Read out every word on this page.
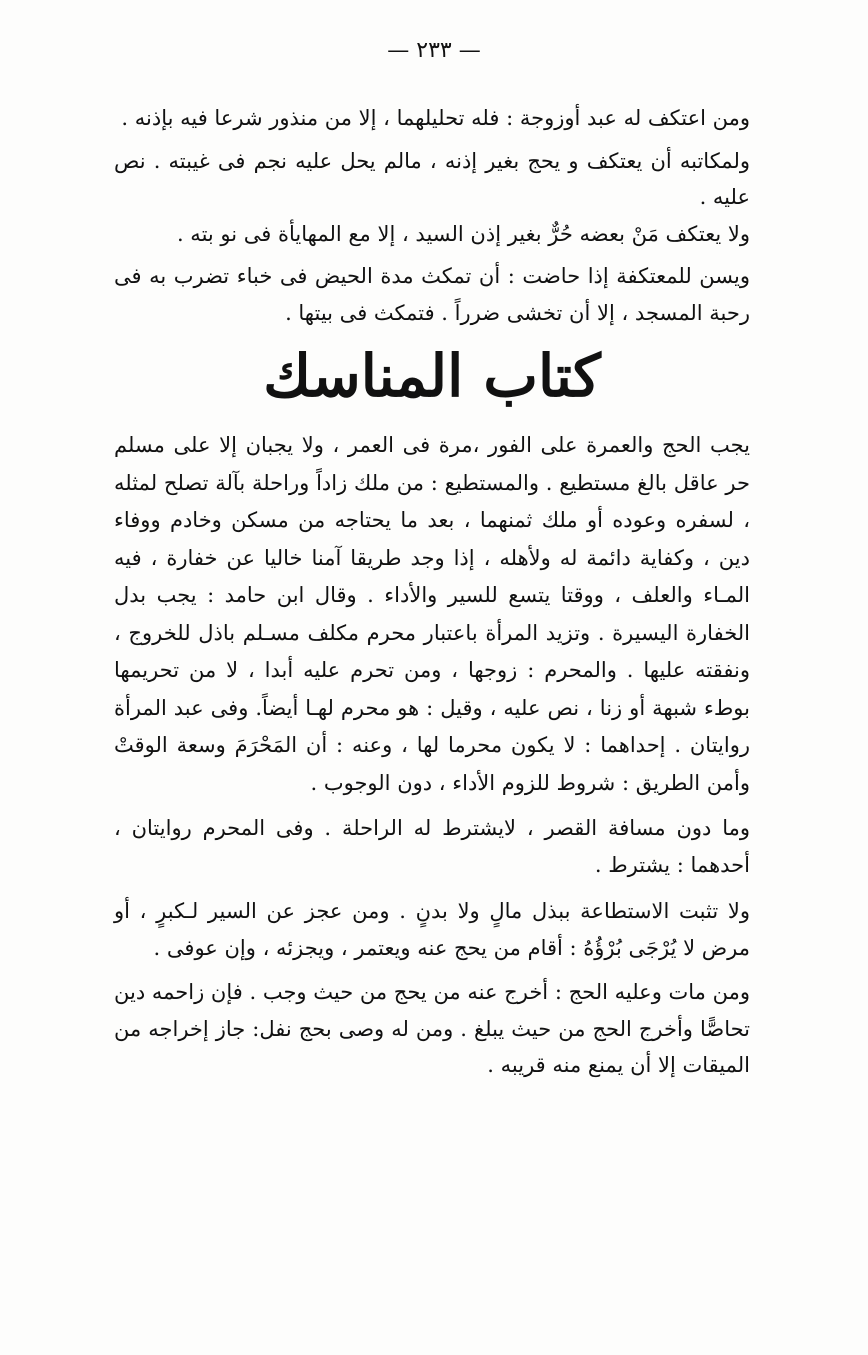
— ٢٣٣ —

ومن اعتكف له عبد أوزوجة : فله تحليلهما ، إلا من منذور شرعا فيه بإذنه .

ولمكاتبه أن يعتكف و يحج بغير إذنه ، مالم يحل عليه نجم فى غيبته . نص عليه .

ولا يعتكف مَنْ بعضه حُرٌّ بغير إذن السيد ، إلا مع المهايأة فى نو بته .

ويسن للمعتكفة إذا حاضت : أن تمكث مدة الحيض فى خباء تضرب به فى رحبة المسجد ، إلا أن تخشى ضرراً . فتمكث فى بيتها .

كتاب المناسك

يجب الحج والعمرة على الفور ،مرة فى العمر ، ولا يجبان إلا على مسلم حر عاقل بالغ مستطيع . والمستطيع : من ملك زاداً وراحلة بآلة تصلح لمثله ، لسفره وعوده أو ملك ثمنهما ، بعد ما يحتاجه من مسكن وخادم ووفاء دين ، وكفاية دائمة له ولأهله ، إذا وجد طريقا آمنا خاليا عن خفارة ، فيه المـاء والعلف ، ووقتا يتسع للسير والأداء . وقال ابن حامد : يجب بدل الخفارة اليسيرة . وتزيد المرأة باعتبار محرم مكلف مسـلم باذل للخروج ، ونفقته عليها . والمحرم : زوجها ، ومن تحرم عليه أبدا ، لا من تحريمها بوطء شبهة أو زنا ، نص عليه ، وقيل : هو محرم لهـا أيضاً. وفى عبد المرأة روايتان . إحداهما : لا يكون محرما لها ، وعنه : أن المَحْرَمَ وسعة الوقتْ وأمن الطريق : شروط للزوم الأداء ، دون الوجوب .

وما دون مسافة القصر ، لايشترط له الراحلة . وفى المحرم روايتان ، أحدهما : يشترط .

ولا تثبت الاستطاعة ببذل مالٍ ولا بدنٍ . ومن عجز عن السير لـكبرٍ ، أو مرض لا يُرْجَى بُرْؤُهُ : أقام من يحج عنه ويعتمر ، ويجزئه ، وإن عوفى .

ومن مات وعليه الحج : أخرج عنه من يحج من حيث وجب . فإن زاحمه دين تحاصًّا وأخرج الحج من حيث يبلغ . ومن له وصى بحج نفل: جاز إخراجه من الميقات إلا أن يمنع منه قريبه .
